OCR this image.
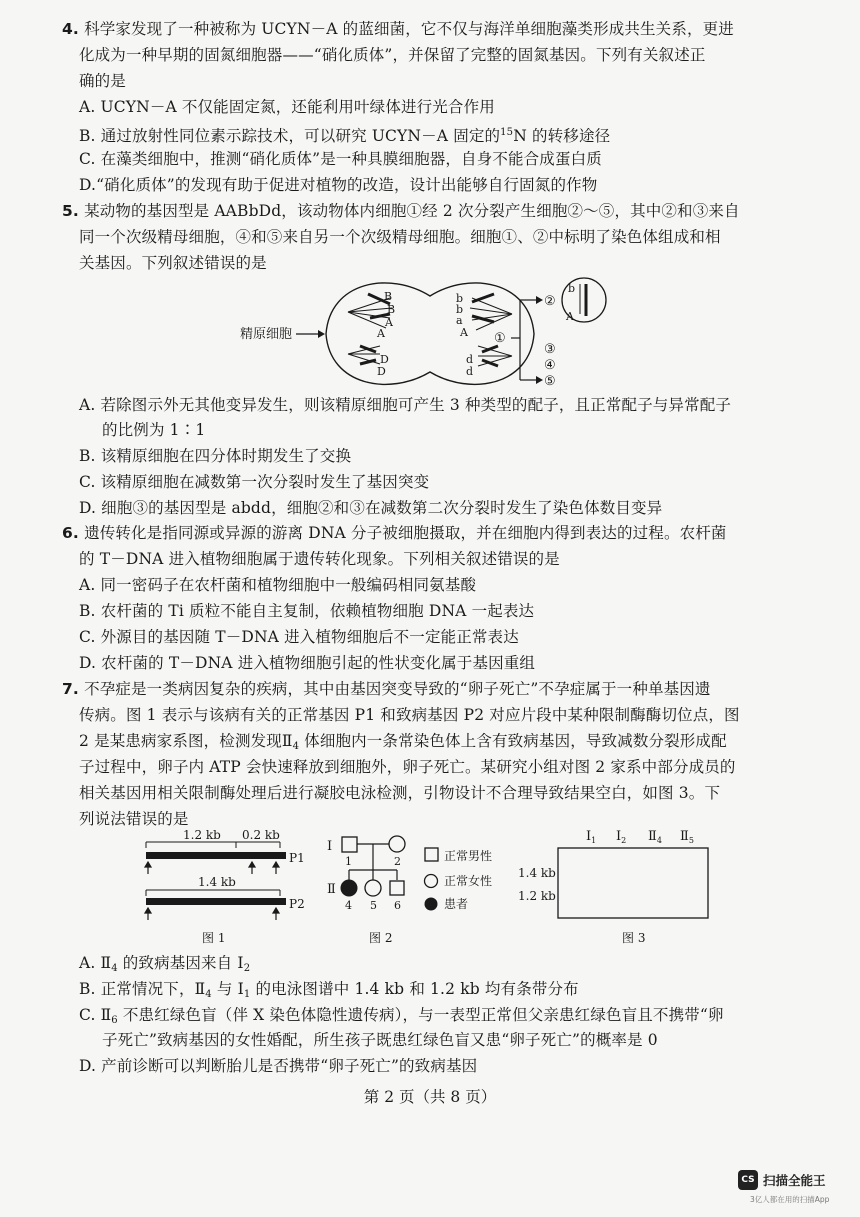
4. 科学家发现了一种被称为 UCYN－A 的蓝细菌，它不仅与海洋单细胞藻类形成共生关系，更进
化成为一种早期的固氮细胞器——“硝化质体”，并保留了完整的固氮基因。下列有关叙述正
确的是
A. UCYN－A 不仅能固定氮，还能利用叶绿体进行光合作用
B. 通过放射性同位素示踪技术，可以研究 UCYN－A 固定的$^{15}$N 的转移途径
C. 在藻类细胞中，推测“硝化质体”是一种具膜细胞器，自身不能合成蛋白质
D.“硝化质体”的发现有助于促进对植物的改造，设计出能够自行固氮的作物
5. 某动物的基因型是 AABbDd，该动物体内细胞①经 2 次分裂产生细胞②～⑤，其中②和③来自
同一个次级精母细胞，④和⑤来自另一个次级精母细胞。细胞①、②中标明了染色体组成和相
关基因。下列叙述错误的是
精原细胞
B
B
A
A
b
b
a
A
D
D
d
d
①
②
③
④
⑤
b
A
A. 若除图示外无其他变异发生，则该精原细胞可产生 3 种类型的配子，且正常配子与异常配子
的比例为 1∶1
B. 该精原细胞在四分体时期发生了交换
C. 该精原细胞在减数第一次分裂时发生了基因突变
D. 细胞③的基因型是 abdd，细胞②和③在减数第二次分裂时发生了染色体数目变异
6. 遗传转化是指同源或异源的游离 DNA 分子被细胞摄取，并在细胞内得到表达的过程。农杆菌
的 T－DNA 进入植物细胞属于遗传转化现象。下列相关叙述错误的是
A. 同一密码子在农杆菌和植物细胞中一般编码相同氨基酸
B. 农杆菌的 Ti 质粒不能自主复制，依赖植物细胞 DNA 一起表达
C. 外源目的基因随 T－DNA 进入植物细胞后不一定能正常表达
D. 农杆菌的 T－DNA 进入植物细胞引起的性状变化属于基因重组
7. 不孕症是一类病因复杂的疾病，其中由基因突变导致的“卵子死亡”不孕症属于一种单基因遗
传病。图 1 表示与该病有关的正常基因 P1 和致病基因 P2 对应片段中某种限制酶酶切位点，图
2 是某患病家系图，检测发现$Ⅱ_4$ 体细胞内一条常染色体上含有致病基因，导致减数分裂形成配
子过程中，卵子内 ATP 会快速释放到细胞外，卵子死亡。某研究小组对图 2 家系中部分成员的
相关基因用相关限制酶处理后进行凝胶电泳检测，引物设计不合理导致结果空白，如图 3。下
列说法错误的是
1.2 kb 0.2 kb
P1
1.4 kb
P2
图 1
Ⅰ
1	2
Ⅱ
4 5 6
正常男性
正常女性
患者
图 2
$Ⅰ_1$ $Ⅰ_2$ $Ⅱ_4$ $Ⅱ_5$
1.4 kb
1.2 kb
图 3
A. $Ⅱ_4$ 的致病基因来自 $Ⅰ_2$
B. 正常情况下，$Ⅱ_4$ 与 $Ⅰ_1$ 的电泳图谱中 1.4 kb 和 1.2 kb 均有条带分布
C. $Ⅱ_6$ 不患红绿色盲（伴 X 染色体隐性遗传病），与一表型正常但父亲患红绿色盲且不携带“卵
子死亡”致病基因的女性婚配，所生孩子既患红绿色盲又患“卵子死亡”的概率是 0
D. 产前诊断可以判断胎儿是否携带“卵子死亡”的致病基因
第 2 页（共 8 页）
CS 扫描全能王
3亿人都在用的扫描App
